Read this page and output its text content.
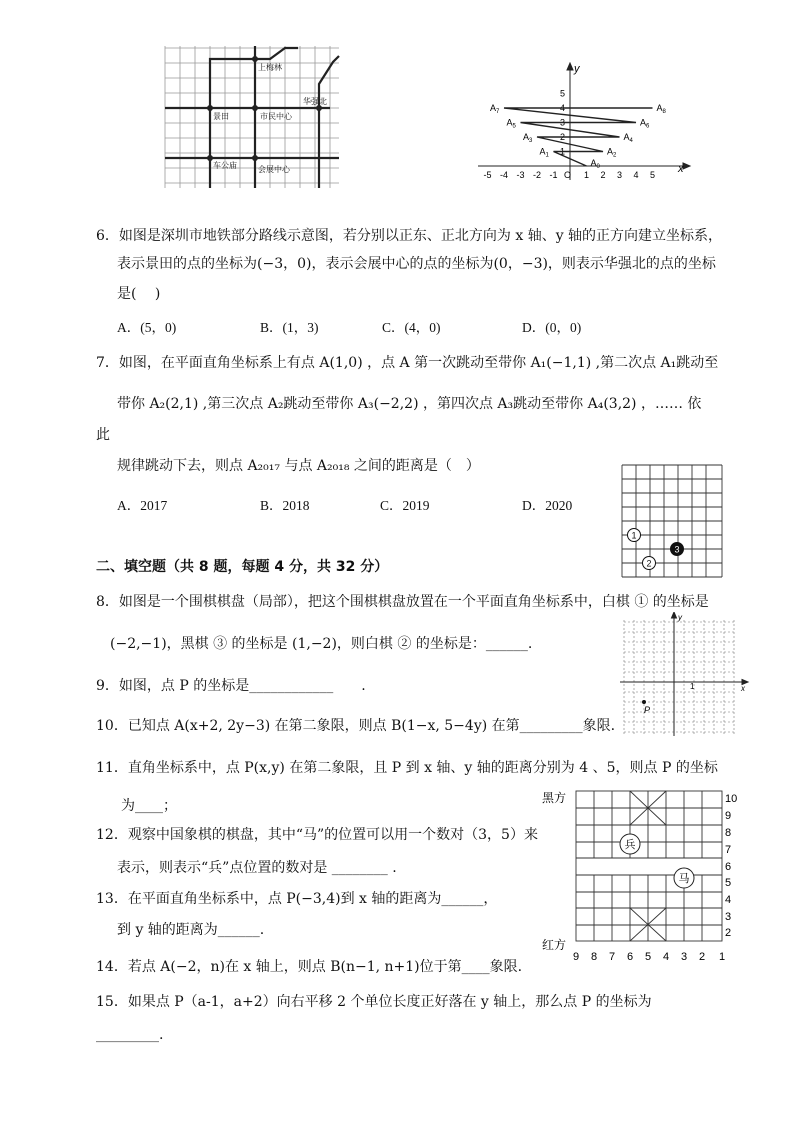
上梅林
华强北
景田	市民中心
车公庙	会展中心
y
x
O
5
4
3
2
1
-5 -4 -3 -2 -1	1 2 3 4 5
$A_0$
$A_1$	$A_2$
$A_3$	$A_4$
$A_5$	$A_6$
$A_7$	$A_8$
6．如图是深圳市地铁部分路线示意图，若分别以正东、正北方向为 x 轴、y 轴的正方向建立坐标系，
表示景田的点的坐标为(−3，0)，表示会展中心的点的坐标为(0，−3)，则表示华强北的点的坐标
是(　 )
A．(5，0)	B．(1，3)	C．(4，0)	D．(0，0)
7．如图，在平面直角坐标系上有点 A(1,0) ，点 A 第一次跳动至带你 A₁(−1,1) ,第二次点 A₁跳动至
带你 A₂(2,1) ,第三次点 A₂跳动至带你 A₃(−2,2) ，第四次点 A₃跳动至带你 A₄(3,2) ，…… 依
此
规律跳动下去，则点 A₂₀₁₇ 与点 A₂₀₁₈ 之间的距离是（　）
A．2017	B．2018	C．2019	D．2020
1
2
3
二、填空题（共 8 题，每题 4 分，共 32 分）
8．如图是一个围棋棋盘（局部），把这个围棋棋盘放置在一个平面直角坐标系中，白棋 ① 的坐标是
(−2,−1)，黑棋 ③ 的坐标是 (1,−2)，则白棋 ② 的坐标是：______.
y
x
1
P
9．如图，点 P 的坐标是____________　　.
10．已知点 A(x+2, 2y−3) 在第二象限，则点 B(1−x, 5−4y) 在第_________象限.
11．直角坐标系中，点 P(x,y) 在第二象限，且 P 到 x 轴、y 轴的距离分别为 4 、5，则点 P 的坐标
为____；
12．观察中国象棋的棋盘，其中“马”的位置可以用一个数对（3，5）来
表示，则表示“兵”点位置的数对是 ________ .
13．在平面直角坐标系中，点 P(−3,4)到 x 轴的距离为______，
到 y 轴的距离为______.
14．若点 A(−2，n)在 x 轴上，则点 B(n−1, n+1)位于第____象限.
15．如果点 P（a-1，a+2）向右平移 2 个单位长度正好落在 y 轴上，那么点 P 的坐标为
_________.
黑方
红方
兵
马
10
9
8
7
6
5
4
3
2
9 8 7 6 5 4 3 2 1
